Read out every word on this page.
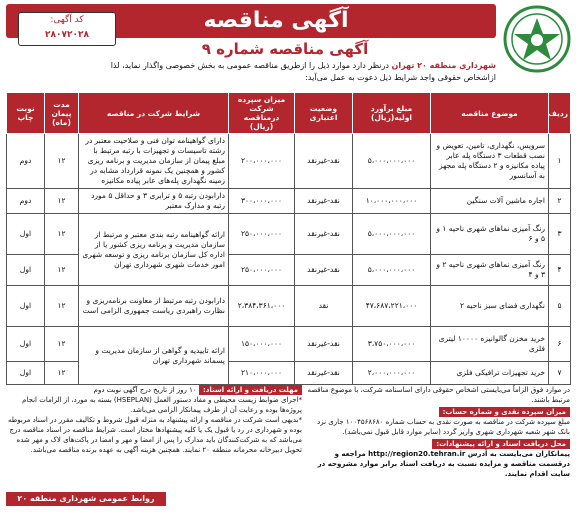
آگهی مناقصه
کد آگهی:
۲۸۰۷۲۰۲۸
آگهی مناقصه شماره ۹
شهرداری منطقه ۲۰ تهران درنظر دارد موارد ذیل را ازطریق مناقصه عمومی به بخش خصوصی واگذار نماید، لذا ازاشخاص حقوقی واجد شرایط ذیل دعوت به عمل می‌آید:
ردیف	موضوع مناقصه	مبلغ برآورد اولیه(ریال)	وضعیت اعتباری	میزان سپرده شرکت درمناقصه (ریال)	شرایط شرکت در مناقصه	مدت پیمان (ماه)	نوبت چاپ
۱	سرویس، نگهداری، تامین، تعویض و نصب قطعات ۳ دستگاه پله عابر پیاده مکانیزه و ۲ دستگاه پله مجهز به آسانسور	۵،۰۰۰،۰۰۰،۰۰۰	نقد-غیرنقد	۲۰۰،۰۰۰،۰۰۰	دارای گواهینامه توان فنی و صلاحیت معتبر در رشته تاسیسات و تجهیزات با رتبه مرتبط با مبلغ پیمان از سازمان مدیریت و برنامه ریزی کشور و همچنین یک نمونه قرارداد مشابه در زمینه نگهداری پله‌های عابر پیاده مکانیزه	۱۲	دوم
۲	اجاره ماشین آلات سنگین	۱۰،۰۰۰،۰۰۰،۰۰۰	نقد-غیرنقد	۳۰۰،۰۰۰،۰۰۰	دارابودن رتبه ۵ و ترابری ۳ و حداقل ۵ مورد رتبه و مدارک معتبر	۱۲	دوم
۳	رنگ آمیزی نماهای شهری ناحیه ۱ و ۵ و ۶	۵،۰۰۰،۰۰۰،۰۰۰	نقد-غیرنقد	۲۵۰،۰۰۰،۰۰۰	ارائه گواهینامه رتبه بندی معتبر و مرتبط از سازمان مدیریت و برنامه ریزی کشور یا از اداره کل سازمان برنامه ریزی و توسعه شهری امور خدمات شهری شهرداری تهران	۱۲	اول
۴	رنگ آمیزی نماهای شهری ناحیه ۲ و ۳ و ۴	۵،۰۰۰،۰۰۰،۰۰۰	نقد-غیرنقد	۲۵۰،۰۰۰،۰۰۰		۱۲	اول
۵	نگهداری فضای سبز ناحیه ۲	۴۷،۶۸۷،۲۲۱،۰۰۰	نقد	۲،۳۸۴،۳۶۱،۰۰۰	دارابودن رتبه مرتبط از معاونت برنامه‌ریزی و نظارت راهبردی ریاست جمهوری الزامی است	۱۲	اول
۶	خرید مخزن گالوانیزه ۱۰۰۰۰ لیتری فلزی	۳،۷۵۰،۰۰۰،۰۰۰	نقد-غیرنقد	۱۵۰،۰۰۰،۰۰۰	ارائه تاییدیه و گواهی از سازمان مدیریت و پسماند شهرداری تهران	۱۲	اول
۷	خرید تجهیزات ترافیکی فلزی	۲،۰۰۰،۰۰۰،۰۰۰	نقد-غیرنقد	۲۱۰،۰۰۰،۰۰۰		۱۲	اول
در موارد فوق الزاماً می‌بایستی اشخاص حقوقی دارای اساسنامه شرکت، با موضوع مناقصه مرتبط باشند.
میزان سپرده نقدی و شماره حساب:
مبلغ سپرده شرکت در مناقصه به صورت نقدی به حساب شماره ۱۰۰۴۵۶۸۶۸۰ جاری نزد بانک شهر شعبه شهرداری شهری واریز گردد (سایر موارد قابل قبول نمی‌باشد).
محل دریافت اسناد و ارائه پیشنهادات:
پیمانکاران می‌بایست به آدرس http://region20.tehran.ir مراجعه و درقسمت مناقصه و مزایده نسبت به دریافت اسناد برابر موارد مشروحه در سایت اقدام نمایند.
مهلت دریافت و ارائه اسناد: ۱۰ روز از تاریخ درج آگهی نوبت دوم
*اجرای ضوابط زیست محیطی و مفاد دستور العمل (HSEPLAN) بسته به مورد، از الزامات انجام پروژه‌ها بوده و رعایت آن از طرف پیمانکار الزامی می‌باشد.
*بدیهی است شرکت در مناقصه و ارائه پیشنهاد به منزله قبول شروط و تکالیف مقرر در اسناد مربوطه بوده و شهرداری در رد یا قبول یک یا کلیه پیشنهادها مختار است. شرایط مناقصه در اسناد مناقصه درج می‌باشد که به شرکت‌کنندگان باید مدارک را پس از امضا و مهر و امضا در پاکت‌های لاک و مهر شده تحویل دبیرخانه محرمانه منطقه ۲۰ نمایند. همچنین هزینه آگهی به عهده برنده مناقصه می‌باشد.
روابط عمومی شهرداری منطقه ۲۰
